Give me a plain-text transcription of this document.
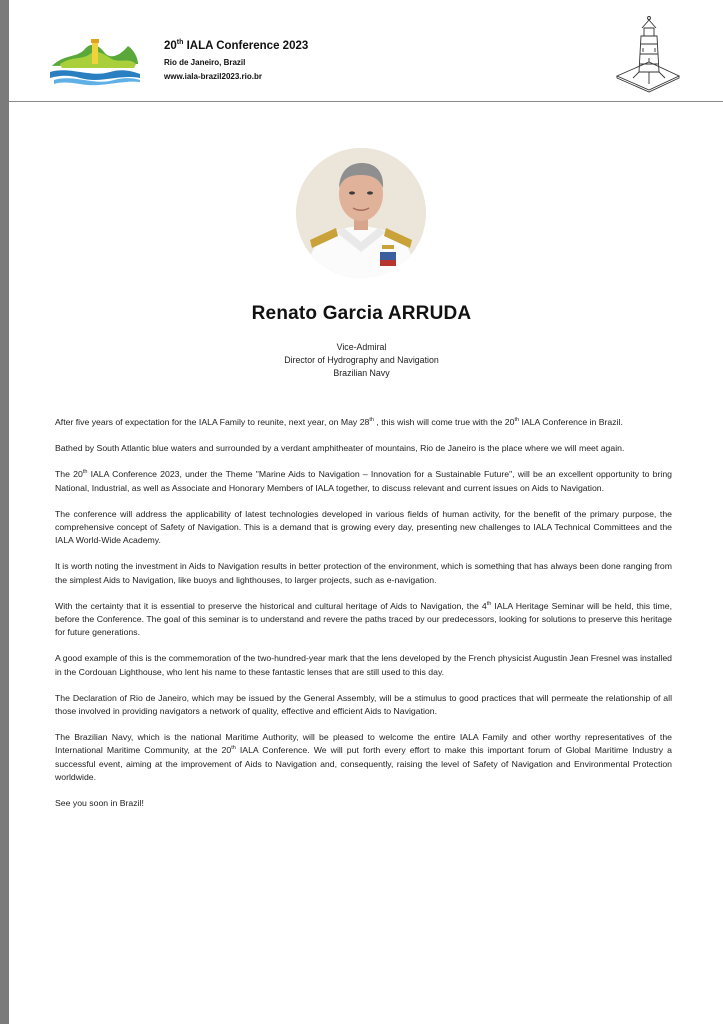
20th IALA Conference 2023
Rio de Janeiro, Brazil
www.iala-brazil2023.rio.br
Renato Garcia ARRUDA
Vice-Admiral
Director of Hydrography and Navigation
Brazilian Navy

After five years of expectation for the IALA Family to reunite, next year, on May 28th , this wish will come true with the 20th IALA Conference in Brazil.

Bathed by South Atlantic blue waters and surrounded by a verdant amphitheater of mountains, Rio de Janeiro is the place where we will meet again.

The 20th IALA Conference 2023, under the Theme "Marine Aids to Navigation – Innovation for a Sustainable Future", will be an excellent opportunity to bring National, Industrial, as well as Associate and Honorary Members of IALA together, to discuss relevant and current issues on Aids to Navigation.

The conference will address the applicability of latest technologies developed in various fields of human activity, for the benefit of the primary purpose, the comprehensive concept of Safety of Navigation. This is a demand that is growing every day, presenting new challenges to IALA Technical Committees and the IALA World-Wide Academy.

It is worth noting the investment in Aids to Navigation results in better protection of the environment, which is something that has always been done ranging from the simplest Aids to Navigation, like buoys and lighthouses, to larger projects, such as e-navigation.

With the certainty that it is essential to preserve the historical and cultural heritage of Aids to Navigation, the 4th IALA Heritage Seminar will be held, this time, before the Conference. The goal of this seminar is to understand and revere the paths traced by our predecessors, looking for solutions to preserve this heritage for future generations.

A good example of this is the commemoration of the two-hundred-year mark that the lens developed by the French physicist Augustin Jean Fresnel was installed in the Cordouan Lighthouse, who lent his name to these fantastic lenses that are still used to this day.

The Declaration of Rio de Janeiro, which may be issued by the General Assembly, will be a stimulus to good practices that will permeate the relationship of all those involved in providing navigators a network of quality, effective and efficient Aids to Navigation.

The Brazilian Navy, which is the national Maritime Authority, will be pleased to welcome the entire IALA Family and other worthy representatives of the International Maritime Community, at the 20th IALA Conference. We will put forth every effort to make this important forum of Global Maritime Industry a successful event, aiming at the improvement of Aids to Navigation and, consequently, raising the level of Safety of Navigation and Environmental Protection worldwide.

See you soon in Brazil!
